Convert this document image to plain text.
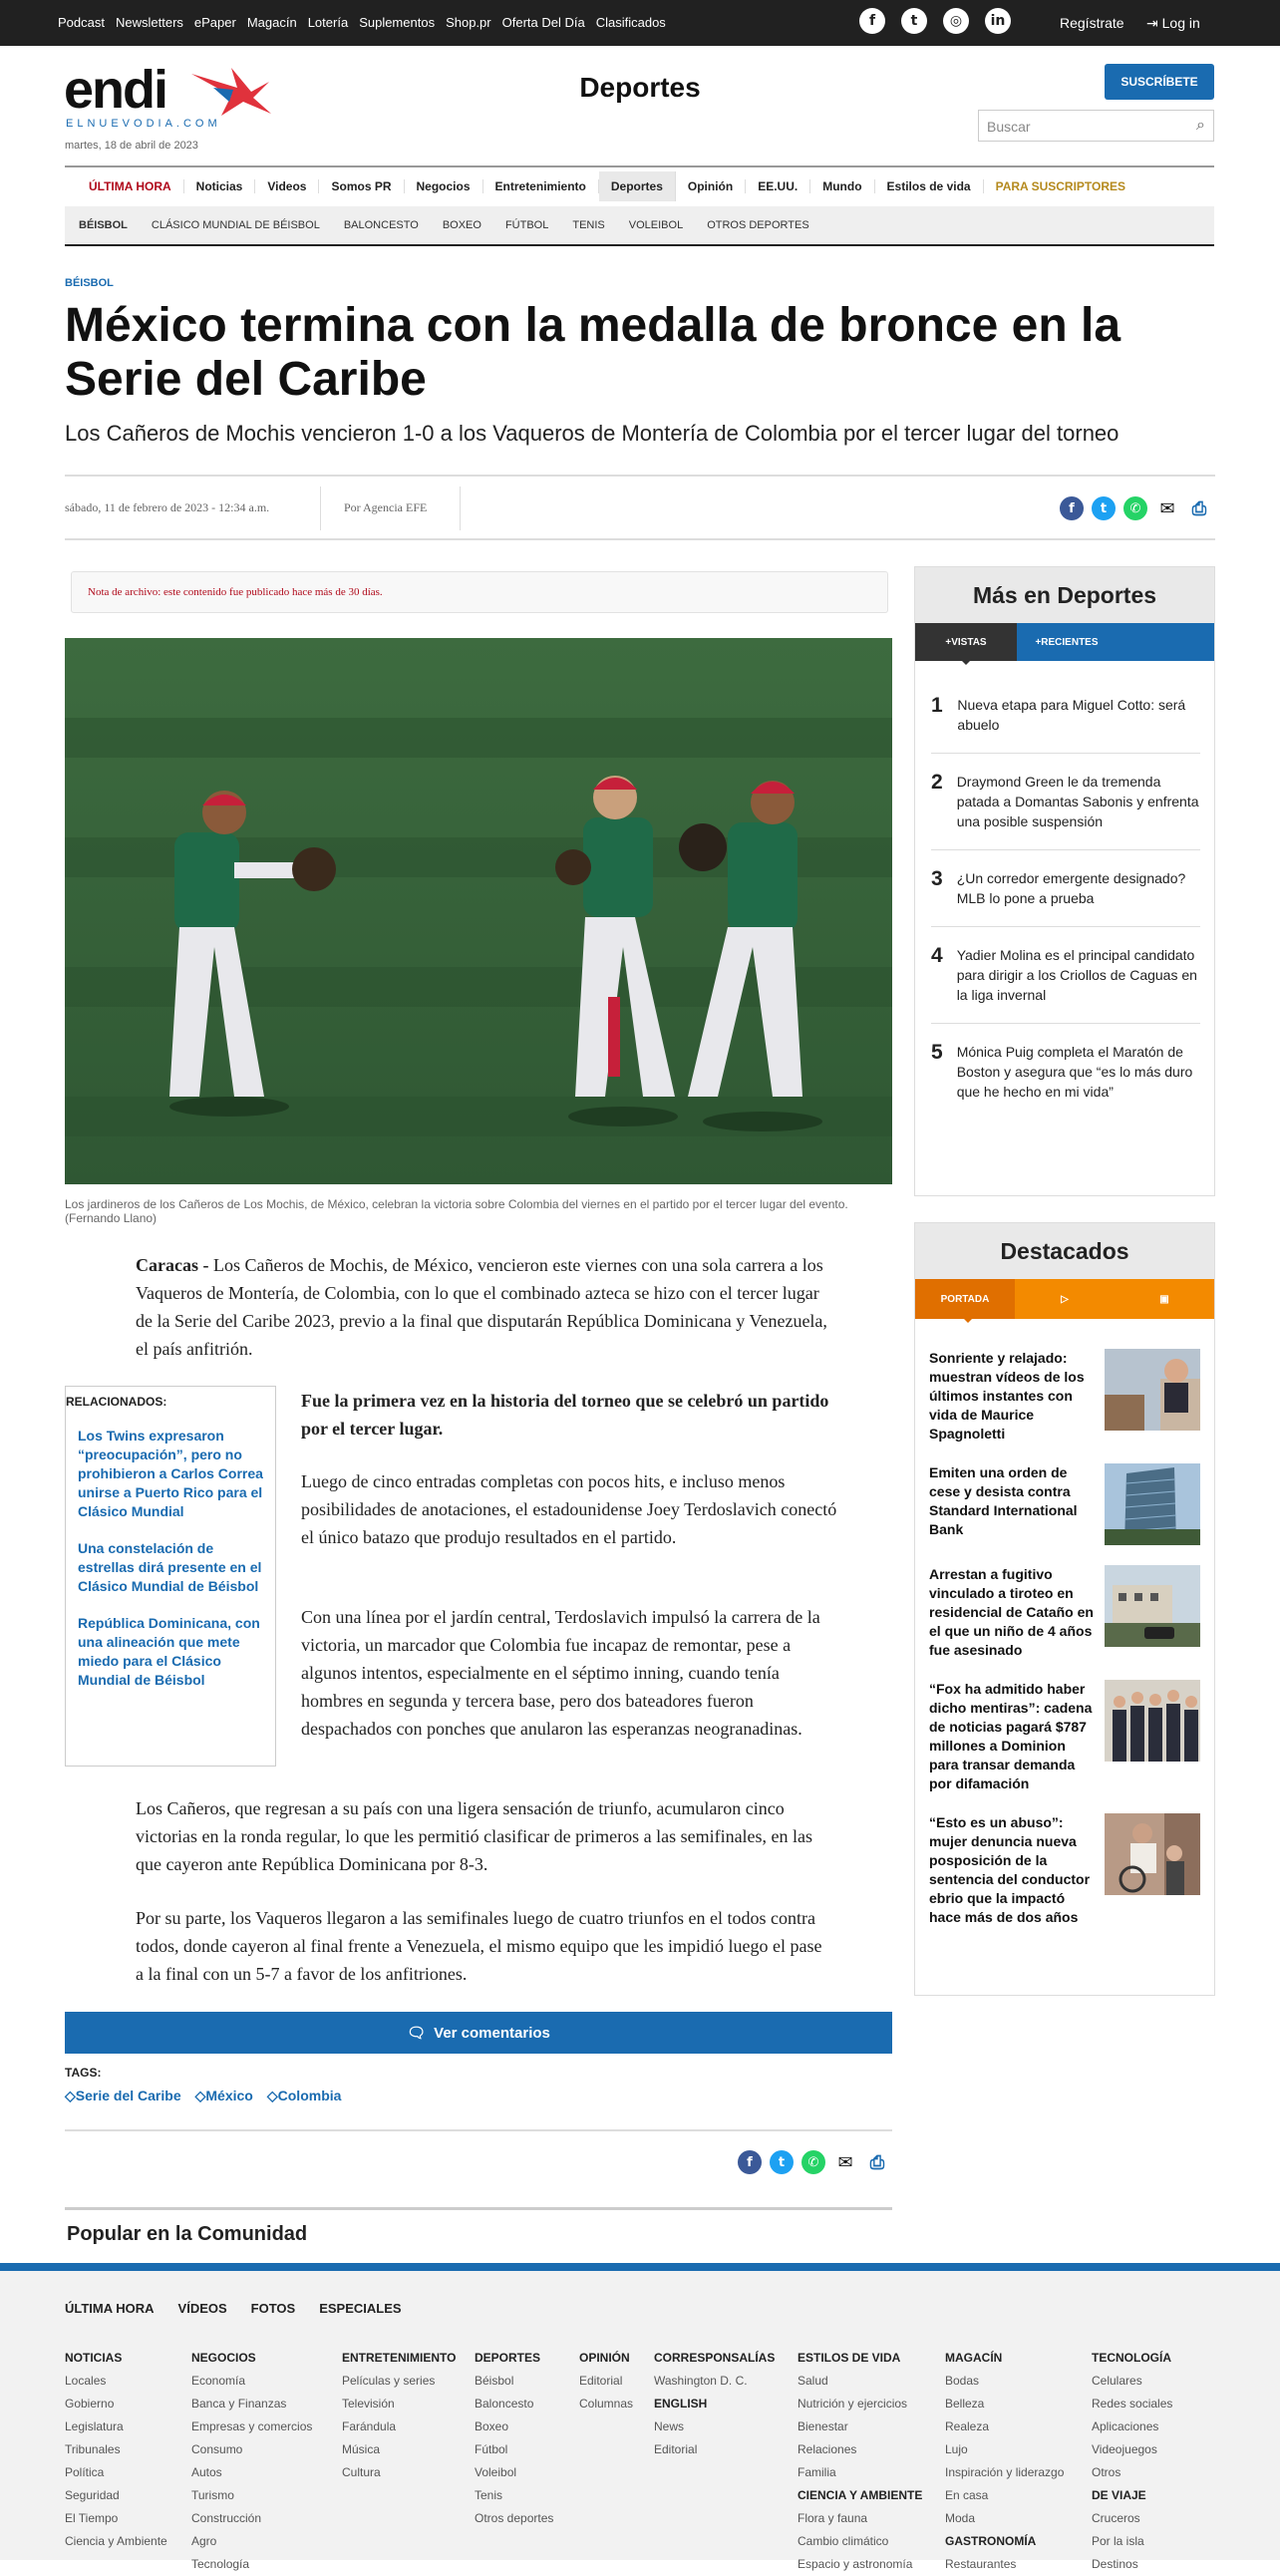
Podcast Newsletters ePaper Magacín Lotería Suplementos Shop.pr Oferta Del Día Clasificados	f	t	◎	in	Regístrate ⇥ Log in
endi
ELNUEVODIA.COM
martes, 18 de abril de 2023
Deportes	SUSCRÍBETE
Buscar	⌕
ÚLTIMA HORA	Noticias	Videos	Somos PR	Negocios	Entretenimiento	Deportes	Opinión	EE.UU.	Mundo	Estilos de vida	PARA SUSCRIPTORES
BÉISBOL	CLÁSICO MUNDIAL DE BÉISBOL	BALONCESTO	BOXEO	FÚTBOL	TENIS	VOLEIBOL	OTROS DEPORTES
BÉISBOL
México termina con la medalla de bronce en la Serie del Caribe
Los Cañeros de Mochis vencieron 1-0 a los Vaqueros de Montería de Colombia por el tercer lugar del torneo
sábado, 11 de febrero de 2023 - 12:34 a.m.	Por Agencia EFE	f	t	✆	✉ ⎙
Nota de archivo: este contenido fue publicado hace más de 30 días.
Los jardineros de los Cañeros de Los Mochis, de México, celebran la victoria sobre Colombia del viernes en el partido por el tercer lugar del evento. (Fernando Llano)

Caracas - Los Cañeros de Mochis, de México, vencieron este viernes con una sola carrera a los Vaqueros de Montería, de Colombia, con lo que el combinado azteca se hizo con el tercer lugar de la Serie del Caribe 2023, previo a la final que disputarán República Dominicana y Venezuela, el país anfitrión.

RELACIONADOS:
Los Twins expresaron “preocupación”, pero no prohibieron a Carlos Correa unirse a Puerto Rico para el Clásico Mundial
Una constelación de estrellas dirá presente en el Clásico Mundial de Béisbol
República Dominicana, con una alineación que mete miedo para el Clásico Mundial de Béisbol

Fue la primera vez en la historia del torneo que se celebró un partido por el tercer lugar.

Luego de cinco entradas completas con pocos hits, e incluso menos posibilidades de anotaciones, el estadounidense Joey Terdoslavich conectó el único batazo que produjo resultados en el partido.

Con una línea por el jardín central, Terdoslavich impulsó la carrera de la victoria, un marcador que Colombia fue incapaz de remontar, pese a algunos intentos, especialmente en el séptimo inning, cuando tenía hombres en segunda y tercera base, pero dos bateadores fueron despachados con ponches que anularon las esperanzas neogranadinas.

Los Cañeros, que regresan a su país con una ligera sensación de triunfo, acumularon cinco victorias en la ronda regular, lo que les permitió clasificar de primeros a las semifinales, en las que cayeron ante República Dominicana por 8-3.

Por su parte, los Vaqueros llegaron a las semifinales luego de cuatro triunfos en el todos contra todos, donde cayeron al final frente a Venezuela, el mismo equipo que les impidió luego el pase a la final con un 5-7 a favor de los anfitriones.

🗨 Ver comentarios
TAGS:
◇Serie del Caribe ◇México ◇Colombia
f	t	✆	✉ ⎙
Popular en la Comunidad
Más en Deportes
+VISTAS	+RECIENTES
1 Nueva etapa para Miguel Cotto: será abuelo
2 Draymond Green le da tremenda patada a Domantas Sabonis y enfrenta una posible suspensión
3 ¿Un corredor emergente designado? MLB lo pone a prueba
4 Yadier Molina es el principal candidato para dirigir a los Criollos de Caguas en la liga invernal
5 Mónica Puig completa el Maratón de Boston y asegura que “es lo más duro que he hecho en mi vida”
Destacados
PORTADA	▷	▣
Sonriente y relajado: muestran vídeos de los últimos instantes con vida de Maurice Spagnoletti
Emiten una orden de cese y desista contra Standard International Bank
Arrestan a fugitivo vinculado a tiroteo en residencial de Cataño en el que un niño de 4 años fue asesinado
“Fox ha admitido haber dicho mentiras”: cadena de noticias pagará $787 millones a Dominion para transar demanda por difamación
“Esto es un abuso”: mujer denuncia nueva posposición de la sentencia del conductor ebrio que la impactó hace más de dos años
ÚLTIMA HORA VÍDEOS FOTOS ESPECIALES
NOTICIAS
Locales
Gobierno
Legislatura
Tribunales
Política
Seguridad
El Tiempo
Ciencia y Ambiente
NEGOCIOS
Economía
Banca y Finanzas
Empresas y comercios
Consumo
Autos
Turismo
Construcción
Agro
Tecnología
ENTRETENIMIENTO
Películas y series
Televisión
Farándula
Música
Cultura
DEPORTES
Béisbol
Baloncesto
Boxeo
Fútbol
Voleibol
Tenis
Otros deportes
OPINIÓN
Editorial
Columnas
CORRESPONSALÍAS
Washington D. C.
ENGLISH
News
Editorial
ESTILOS DE VIDA
Salud
Nutrición y ejercicios
Bienestar
Relaciones
Familia
CIENCIA Y AMBIENTE
Flora y fauna
Cambio climático
Espacio y astronomía
MAGACÍN
Bodas
Belleza
Realeza
Lujo
Inspiración y liderazgo
En casa
Moda
GASTRONOMÍA
Restaurantes
TECNOLOGÍA
Celulares
Redes sociales
Aplicaciones
Videojuegos
Otros
DE VIAJE
Cruceros
Por la isla
Destinos
